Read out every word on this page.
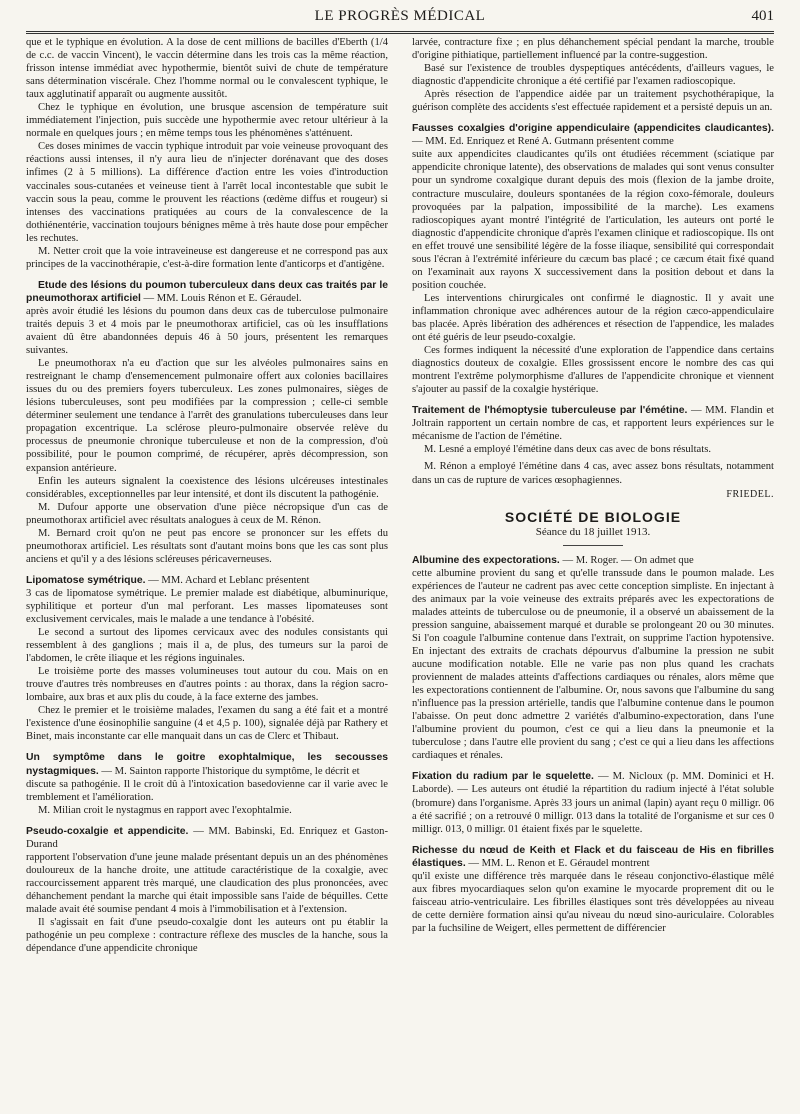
LE PROGRÈS MÉDICAL	401

que et le typhique en évolution. A la dose de cent millions de bacilles d'Eberth (1/4 de c.c. de vaccin Vincent), le vaccin détermine dans les trois cas la même réaction, frisson intense immédiat avec hypothermie, bientôt suivi de chute de température sans détermination viscérale. Chez l'homme normal ou le convalescent typhique, le taux agglutinatif apparaît ou augmente aussitôt.

Chez le typhique en évolution, une brusque ascension de température suit immédiatement l'injection, puis succède une hypothermie avec retour ultérieur à la normale en quelques jours ; en même temps tous les phénomènes s'atténuent.

Ces doses minimes de vaccin typhique introduit par voie veineuse provoquant des réactions aussi intenses, il n'y aura lieu de n'injecter dorénavant que des doses infimes (2 à 5 millions). La différence d'action entre les voies d'introduction vaccinales sous-cutanées et veineuse tient à l'arrêt local incontestable que subit le vaccin sous la peau, comme le prouvent les réactions (œdème diffus et rougeur) si intenses des vaccinations pratiquées au cours de la convalescence de la dothiénentérie, vaccination toujours bénignes même à très haute dose pour empêcher les rechutes.

M. Netter croit que la voie intraveineuse est dangereuse et ne correspond pas aux principes de la vaccinothérapie, c'est-à-dire formation lente d'anticorps et d'antigène.

Etude des lésions du poumon tuberculeux dans deux cas traités par le pneumothorax artificiel — MM. Louis Rénon et E. Géraudel.

après avoir étudié les lésions du poumon dans deux cas de tuberculose pulmonaire traités depuis 3 et 4 mois par le pneumothorax artificiel, cas où les insufflations avaient dû être abandonnées depuis 46 à 50 jours, présentent les remarques suivantes.

Le pneumothorax n'a eu d'action que sur les alvéoles pulmonaires sains en restreignant le champ d'ensemencement pulmonaire offert aux colonies bacillaires issues du ou des premiers foyers tuberculeux. Les zones pulmonaires, sièges de lésions tuberculeuses, sont peu modifiées par la compression ; celle-ci semble déterminer seulement une tendance à l'arrêt des granulations tuberculeuses dans leur propagation excentrique. La sclérose pleuro-pulmonaire observée relève du processus de pneumonie chronique tuberculeuse et non de la compression, d'où possibilité, pour le poumon comprimé, de récupérer, après décompression, son expansion antérieure.

Enfin les auteurs signalent la coexistence des lésions ulcéreuses intestinales considérables, exceptionnelles par leur intensité, et dont ils discutent la pathogénie.

M. Dufour apporte une observation d'une pièce nécropsique d'un cas de pneumothorax artificiel avec résultats analogues à ceux de M. Rénon.

M. Bernard croit qu'on ne peut pas encore se prononcer sur les effets du pneumothorax artificiel. Les résultats sont d'autant moins bons que les cas sont plus anciens et qu'il y a des lésions scléreuses péricaverneuses.

Lipomatose symétrique. — MM. Achard et Leblanc présentent

3 cas de lipomatose symétrique. Le premier malade est diabétique, albuminurique, syphilitique et porteur d'un mal perforant. Les masses lipomateuses sont exclusivement cervicales, mais le malade a une tendance à l'obésité.

Le second a surtout des lipomes cervicaux avec des nodules consistants qui ressemblent à des ganglions ; mais il a, de plus, des tumeurs sur la paroi de l'abdomen, le crête iliaque et les régions inguinales.

Le troisième porte des masses volumineuses tout autour du cou. Mais on en trouve d'autres très nombreuses en d'autres points : au thorax, dans la région sacro-lombaire, aux bras et aux plis du coude, à la face externe des jambes.

Chez le premier et le troisième malades, l'examen du sang a été fait et a montré l'existence d'une éosinophilie sanguine (4 et 4,5 p. 100), signalée déjà par Rathery et Binet, mais inconstante car elle manquait dans un cas de Clerc et Thibaut.

Un symptôme dans le goitre exophtalmique, les secousses nystagmiques. — M. Sainton rapporte l'historique du symptôme, le décrit et

discute sa pathogénie. Il le croit dû à l'intoxication basedovienne car il varie avec le tremblement et l'amélioration.

M. Milian croit le nystagmus en rapport avec l'exophtalmie.

Pseudo-coxalgie et appendicite. — MM. Babinski, Ed. Enriquez et Gaston-Durand

rapportent l'observation d'une jeune malade présentant depuis un an des phénomènes douloureux de la hanche droite, une attitude caractéristique de la coxalgie, avec raccourcissement apparent très marqué, une claudication des plus prononcées, avec déhanchement pendant la marche qui était impossible sans l'aide de béquilles. Cette malade avait été soumise pendant 4 mois à l'immobilisation et à l'extension.

Il s'agissait en fait d'une pseudo-coxalgie dont les auteurs ont pu établir la pathogénie un peu complexe : contracture réflexe des muscles de la hanche, sous la dépendance d'une appendicite chronique

larvée, contracture fixe ; en plus déhanchement spécial pendant la marche, trouble d'origine pithiatique, partiellement influencé par la contre-suggestion.

Basé sur l'existence de troubles dyspeptiques antécédents, d'ailleurs vagues, le diagnostic d'appendicite chronique a été certifié par l'examen radioscopique.

Après résection de l'appendice aidée par un traitement psychothérapique, la guérison complète des accidents s'est effectuée rapidement et a persisté depuis un an.

Fausses coxalgies d'origine appendiculaire (appendicites claudicantes). — MM. Ed. Enriquez et René A. Gutmann présentent comme

suite aux appendicites claudicantes qu'ils ont étudiées récemment (sciatique par appendicite chronique latente), des observations de malades qui sont venus consulter pour un syndrome coxalgique durant depuis des mois (flexion de la jambe droite, contracture musculaire, douleurs spontanées de la région coxo-fémorale, douleurs provoquées par la palpation, impossibilité de la marche). Les examens radioscopiques ayant montré l'intégrité de l'articulation, les auteurs ont porté le diagnostic d'appendicite chronique d'après l'examen clinique et radioscopique. Ils ont en effet trouvé une sensibilité légère de la fosse iliaque, sensibilité qui correspondait sous l'écran à l'extrémité inférieure du cæcum bas placé ; ce cæcum était fixé quand on l'examinait aux rayons X successivement dans la position debout et dans la position couchée.

Les interventions chirurgicales ont confirmé le diagnostic. Il y avait une inflammation chronique avec adhérences autour de la région cæco-appendiculaire bas placée. Après libération des adhérences et résection de l'appendice, les malades ont été guéris de leur pseudo-coxalgie.

Ces formes indiquent la nécessité d'une exploration de l'appendice dans certains diagnostics douteux de coxalgie. Elles grossissent encore le nombre des cas qui montrent l'extrême polymorphisme d'allures de l'appendicite chronique et viennent s'ajouter au passif de la coxalgie hystérique.

Traitement de l'hémoptysie tuberculeuse par l'émétine. — MM. Flandin et Joltrain rapportent un certain nombre de cas, et rapportent leurs expériences sur le mécanisme de l'action de l'émétine.

M. Lesné a employé l'émétine dans deux cas avec de bons résultats.

M. Rénon a employé l'émétine dans 4 cas, avec assez bons résultats, notamment dans un cas de rupture de varices œsophagiennes.

FRIEDEL.
SOCIÉTÉ DE BIOLOGIE
Séance du 18 juillet 1913.

Albumine des expectorations. — M. Roger. — On admet que

cette albumine provient du sang et qu'elle transsude dans le poumon malade. Les expériences de l'auteur ne cadrent pas avec cette conception simpliste. En injectant à des animaux par la voie veineuse des extraits préparés avec les expectorations de malades atteints de tuberculose ou de pneumonie, il a observé un abaissement de la pression sanguine, abaissement marqué et durable se prolongeant 20 ou 30 minutes. Si l'on coagule l'albumine contenue dans l'extrait, on supprime l'action hypotensive. En injectant des extraits de crachats dépourvus d'albumine la pression ne subit aucune modification notable. Elle ne varie pas non plus quand les crachats proviennent de malades atteints d'affections cardiaques ou rénales, alors même que les expectorations contiennent de l'albumine. Or, nous savons que l'albumine du sang n'influence pas la pression artérielle, tandis que l'albumine contenue dans le poumon l'abaisse. On peut donc admettre 2 variétés d'albumino-expectoration, dans l'une l'albumine provient du poumon, c'est ce qui a lieu dans la pneumonie et la tuberculose ; dans l'autre elle provient du sang ; c'est ce qui a lieu dans les affections cardiaques et rénales.

Fixation du radium par le squelette. — M. Nicloux (p. MM. Dominici et H. Laborde). — Les auteurs ont étudié la répartition du radium injecté à l'état soluble (bromure) dans l'organisme. Après 33 jours un animal (lapin) ayant reçu 0 milligr. 06 a été sacrifié ; on a retrouvé 0 milligr. 013 dans la totalité de l'organisme et sur ces 0 milligr. 013, 0 milligr. 01 étaient fixés par le squelette.

Richesse du nœud de Keith et Flack et du faisceau de His en fibrilles élastiques. — MM. L. Renon et E. Géraudel montrent

qu'il existe une différence très marquée dans le réseau conjonctivo-élastique mêlé aux fibres myocardiaques selon qu'on examine le myocarde proprement dit ou le faisceau atrio-ventriculaire. Les fibrilles élastiques sont très développées au niveau de cette dernière formation ainsi qu'au niveau du nœud sino-auriculaire. Colorables par la fuchsiline de Weigert, elles permettent de différencier
